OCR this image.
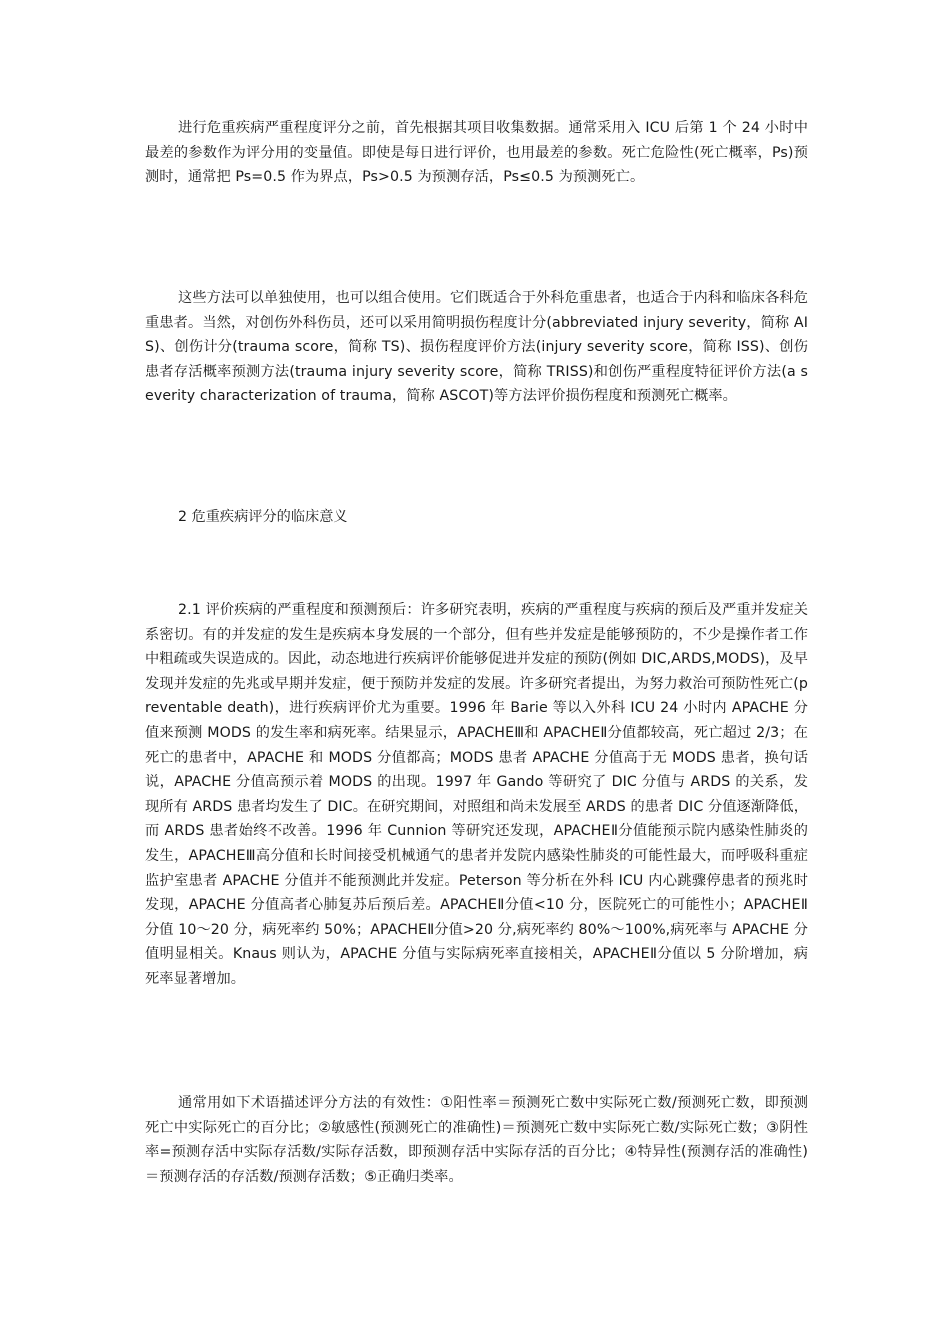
进行危重疾病严重程度评分之前，首先根据其项目收集数据。通常采用入 ICU 后第 1 个 24 小时中最差的参数作为评分用的变量值。即使是每日进行评价，也用最差的参数。死亡危险性(死亡概率，Ps)预测时，通常把 Ps=0.5 作为界点，Ps>0.5 为预测存活，Ps≤0.5 为预测死亡。

这些方法可以单独使用，也可以组合使用。它们既适合于外科危重患者，也适合于内科和临床各科危重患者。当然，对创伤外科伤员，还可以采用简明损伤程度计分(abbreviated injury severity，简称 AIS)、创伤计分(trauma score，简称 TS)、损伤程度评价方法(injury severity score，简称 ISS)、创伤患者存活概率预测方法(trauma injury severity score，简称 TRISS)和创伤严重程度特征评价方法(a severity characterization of trauma，简称 ASCOT)等方法评价损伤程度和预测死亡概率。

2 危重疾病评分的临床意义

2.1 评价疾病的严重程度和预测预后：许多研究表明，疾病的严重程度与疾病的预后及严重并发症关系密切。有的并发症的发生是疾病本身发展的一个部分，但有些并发症是能够预防的，不少是操作者工作中粗疏或失误造成的。因此，动态地进行疾病评价能够促进并发症的预防(例如 DIC,ARDS,MODS)，及早发现并发症的先兆或早期并发症，便于预防并发症的发展。许多研究者提出，为努力救治可预防性死亡(preventable death)，进行疾病评价尤为重要。1996 年 Barie 等以入外科 ICU 24 小时内 APACHE 分值来预测 MODS 的发生率和病死率。结果显示，APACHEⅢ和 APACHEⅡ分值都较高，死亡超过 2/3；在死亡的患者中，APACHE 和 MODS 分值都高；MODS 患者 APACHE 分值高于无 MODS 患者，换句话说，APACHE 分值高预示着 MODS 的出现。1997 年 Gando 等研究了 DIC 分值与 ARDS 的关系，发现所有 ARDS 患者均发生了 DIC。在研究期间，对照组和尚未发展至 ARDS 的患者 DIC 分值逐渐降低，而 ARDS 患者始终不改善。1996 年 Cunnion 等研究还发现，APACHEⅡ分值能预示院内感染性肺炎的发生，APACHEⅢ高分值和长时间接受机械通气的患者并发院内感染性肺炎的可能性最大，而呼吸科重症监护室患者 APACHE 分值并不能预测此并发症。Peterson 等分析在外科 ICU 内心跳骤停患者的预兆时发现，APACHE 分值高者心肺复苏后预后差。APACHEⅡ分值<10 分，医院死亡的可能性小；APACHEⅡ分值 10～20 分，病死率约 50%；APACHEⅡ分值>20 分,病死率约 80%～100%,病死率与 APACHE 分值明显相关。Knaus 则认为，APACHE 分值与实际病死率直接相关，APACHEⅡ分值以 5 分阶增加，病死率显著增加。

通常用如下术语描述评分方法的有效性：①阳性率＝预测死亡数中实际死亡数/预测死亡数，即预测死亡中实际死亡的百分比；②敏感性(预测死亡的准确性)＝预测死亡数中实际死亡数/实际死亡数；③阴性率=预测存活中实际存活数/实际存活数，即预测存活中实际存活的百分比；④特异性(预测存活的准确性)＝预测存活的存活数/预测存活数；⑤正确归类率。
